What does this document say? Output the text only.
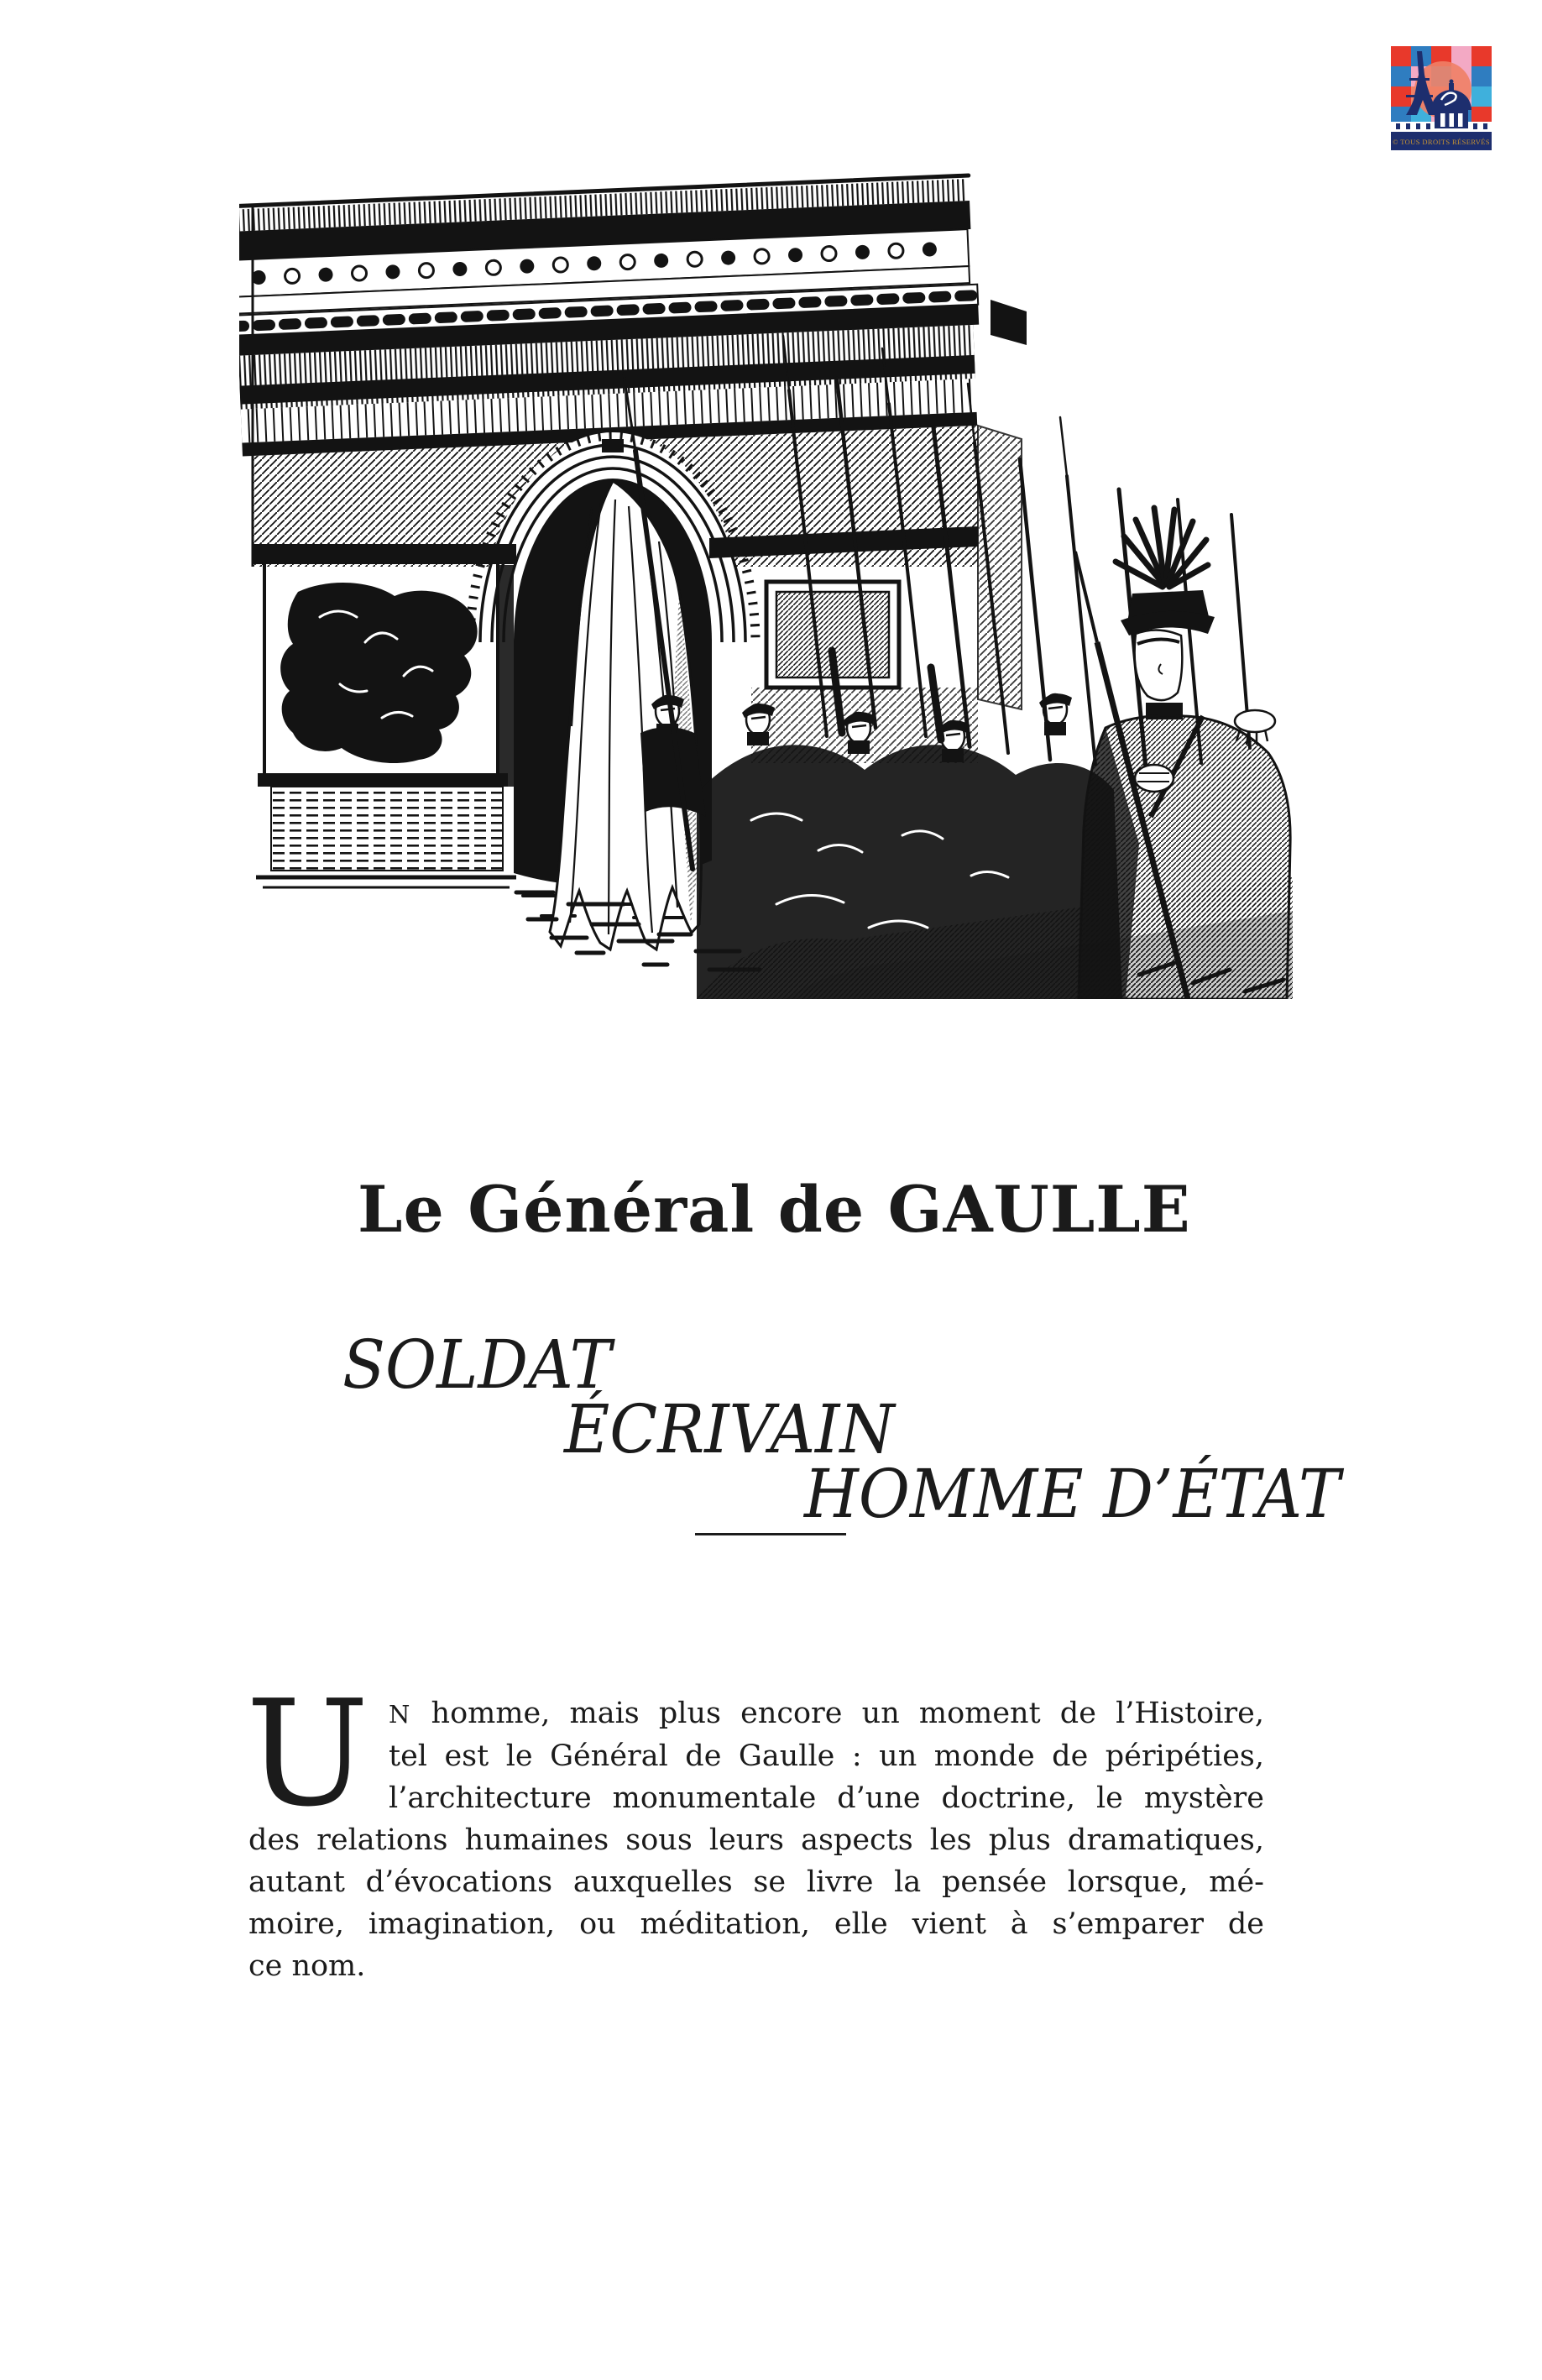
© TOUS DROITS RÉSERVÉS
Le Général de GAULLE

SOLDAT

ÉCRIVAIN

HOMME D’ÉTAT

U N homme, mais plus encore un moment de l’Histoire,
tel est le Général de Gaulle : un monde de péripéties,
l’architecture monumentale d’une doctrine, le mystère
des relations humaines sous leurs aspects les plus dramatiques,
autant d’évocations auxquelles se livre la pensée lorsque, mé-
moire, imagination, ou méditation, elle vient à s’emparer de
ce nom.
